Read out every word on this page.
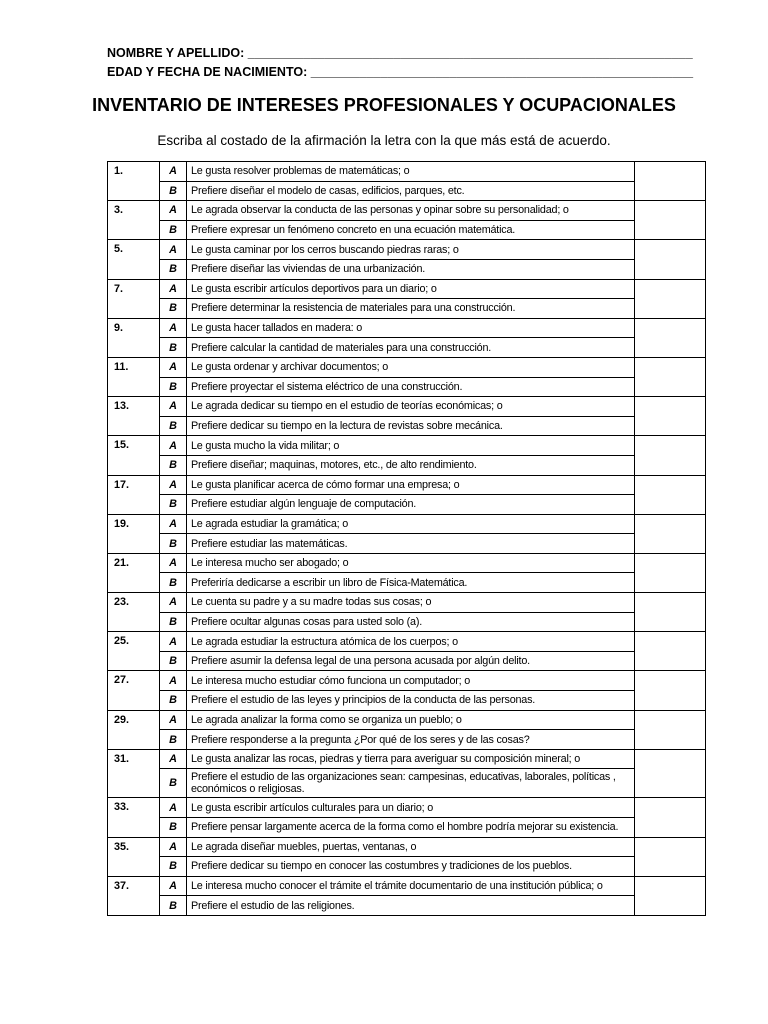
NOMBRE Y APELLIDO: ________________________________________________________________
EDAD Y FECHA DE NACIMIENTO: _______________________________________________________
INVENTARIO DE INTERESES PROFESIONALES Y OCUPACIONALES
Escriba al costado de la afirmación la letra con la que más está de acuerdo.
1.	A	Le gusta resolver problemas de matemáticas; o	
	B	Prefiere diseñar el modelo de casas, edificios, parques, etc.	
3.	A	Le agrada observar la conducta de las personas y opinar sobre su personalidad; o	
	B	Prefiere expresar un fenómeno concreto en una ecuación matemática.	
5.	A	Le gusta caminar por los cerros buscando piedras raras; o	
	B	Prefiere diseñar las viviendas de una urbanización.	
7.	A	Le gusta escribir artículos deportivos para un diario; o	
	B	Prefiere determinar la resistencia de materiales para una construcción.	
9.	A	Le gusta hacer tallados en madera: o	
	B	Prefiere calcular la cantidad de materiales para una construcción.	
11.	A	Le gusta ordenar y archivar documentos; o	
	B	Prefiere proyectar el sistema eléctrico de una construcción.	
13.	A	Le agrada dedicar su tiempo en el estudio de teorías económicas; o	
	B	Prefiere dedicar su tiempo en la lectura de revistas sobre mecánica.	
15.	A	Le gusta mucho la vida militar; o	
	B	Prefiere diseñar; maquinas, motores, etc., de alto rendimiento.	
17.	A	Le gusta planificar acerca de cómo formar una empresa; o	
	B	Prefiere estudiar algún lenguaje de computación.	
19.	A	Le agrada estudiar la gramática; o	
	B	Prefiere estudiar las matemáticas.	
21.	A	Le interesa mucho ser abogado; o	
	B	Preferiría dedicarse a escribir un libro de Física-Matemática.	
23.	A	Le cuenta su padre y a su madre todas sus cosas; o	
	B	Prefiere ocultar algunas cosas para usted solo (a).	
25.	A	Le agrada estudiar la estructura atómica de los cuerpos; o	
	B	Prefiere asumir la defensa legal de una persona acusada por algún delito.	
27.	A	Le interesa mucho estudiar cómo funciona un computador; o	
	B	Prefiere el estudio de las leyes y principios de la conducta de las personas.	
29.	A	Le agrada analizar la forma como se organiza un pueblo; o	
	B	Prefiere responderse a la pregunta ¿Por qué de los seres y de las cosas?	
31.	A	Le gusta analizar las rocas, piedras y tierra para averiguar su composición mineral; o	
	B	Prefiere el estudio de las organizaciones sean: campesinas, educativas, laborales, políticas , económicos o religiosas.	
33.	A	Le gusta escribir artículos culturales para un diario; o	
	B	Prefiere pensar largamente acerca de la forma como el hombre podría mejorar su existencia.	
35.	A	Le agrada diseñar muebles, puertas, ventanas, o	
	B	Prefiere dedicar su tiempo en conocer las costumbres y tradiciones de los pueblos.	
37.	A	Le interesa mucho conocer el trámite el trámite documentario de una institución pública; o	
	B	Prefiere el estudio de las religiones.	
